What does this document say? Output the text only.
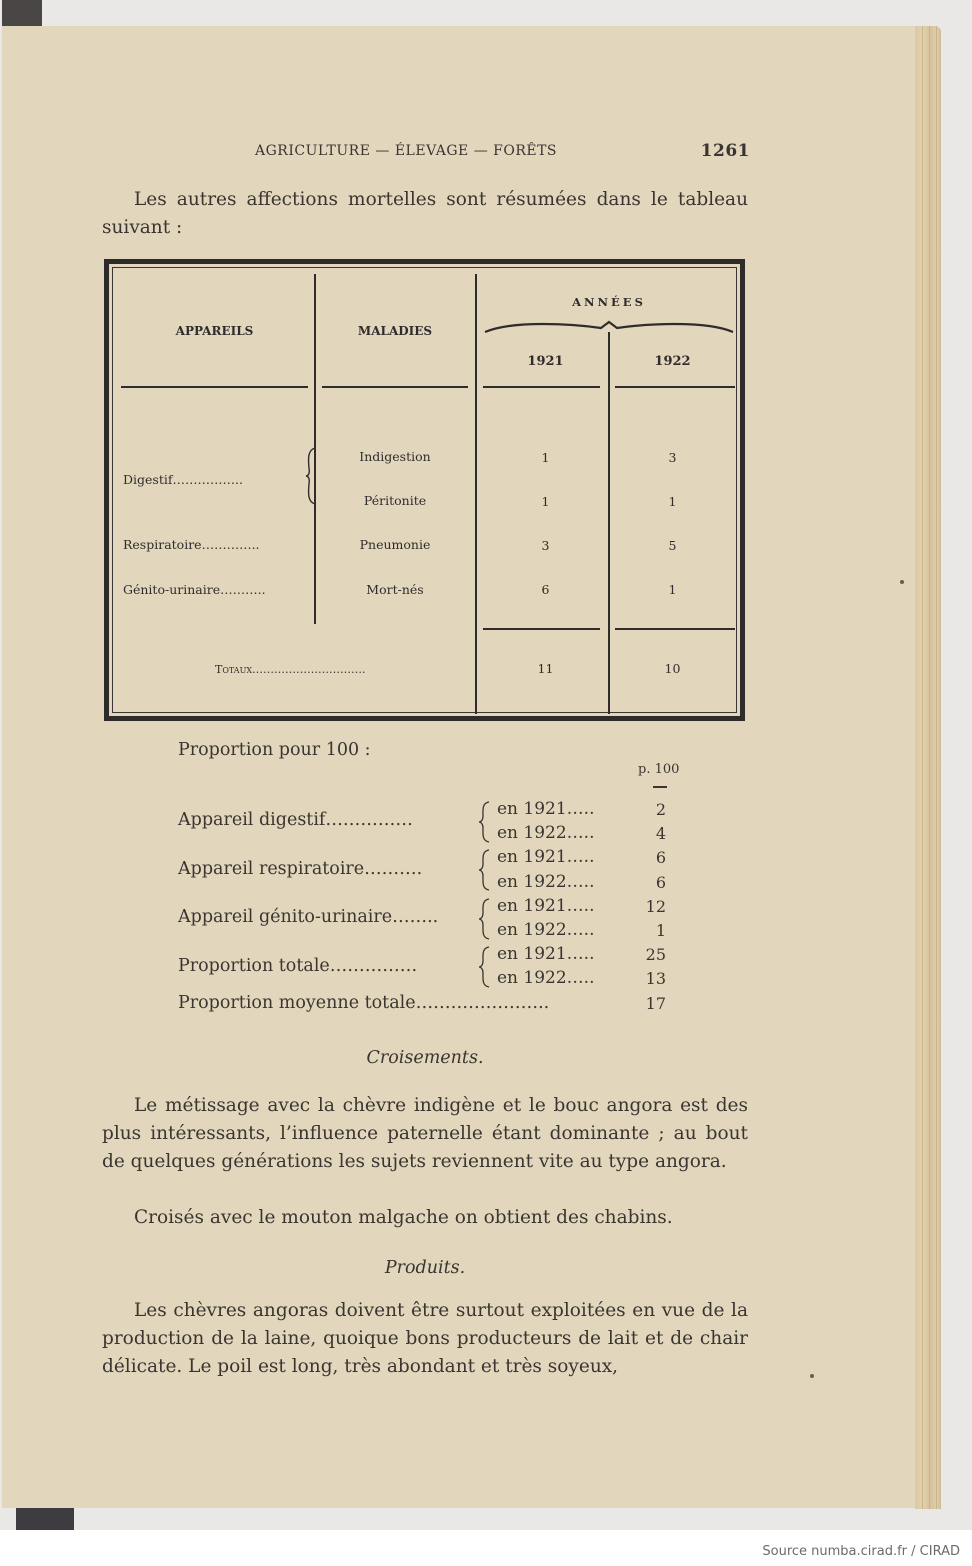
AGRICULTURE — ÉLEVAGE — FORÊTS	1261
Les autres affections mortelles sont résumées dans le tableau suivant :
APPAREILS	MALADIES
ANNÉES
1921	1922
Digestif……………..
Indigestion	1	3
Péritonite	1	1
Respiratoire…………..	Pneumonie	3	5
Génito-urinaire………..	Mort-nés	6	1
Totaux………………………….	11	10
Proportion pour 100 :
p. 100
Appareil digestif……………
en 1921…..	2
en 1922…..	4
Appareil respiratoire……….
en 1921…..	6
en 1922…..	6
Appareil génito-urinaire……..
en 1921…..	12
en 1922…..	1
Proportion totale……………
en 1921…..	25
en 1922…..	13
Proportion moyenne totale…………………..	17
Croisements.
Le métissage avec la chèvre indigène et le bouc angora est des plus intéressants, l’influence paternelle étant dominante ; au bout de quelques générations les sujets reviennent vite au type angora.
Croisés avec le mouton malgache on obtient des chabins.
Produits.
Les chèvres angoras doivent être surtout exploitées en vue de la production de la laine, quoique bons producteurs de lait et de chair délicate. Le poil est long, très abondant et très soyeux,
Source numba.cirad.fr / CIRAD
